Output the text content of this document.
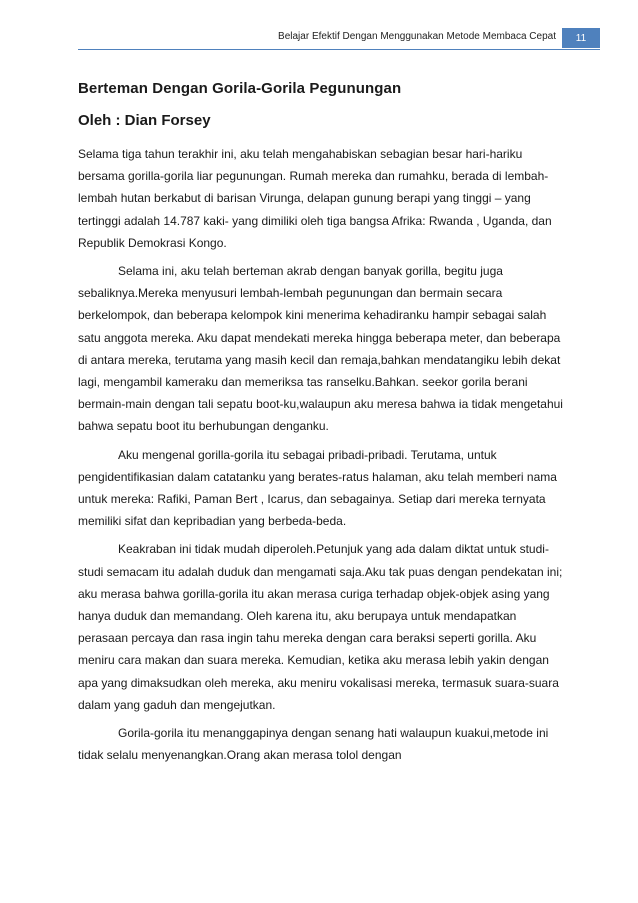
Belajar Efektif Dengan Menggunakan Metode Membaca Cepat 11
Berteman Dengan Gorila-Gorila Pegunungan
Oleh : Dian Forsey

Selama tiga tahun terakhir ini, aku telah mengahabiskan sebagian besar hari-hariku bersama gorilla-gorila liar pegunungan. Rumah mereka dan rumahku, berada di lembah-lembah hutan berkabut di barisan Virunga, delapan gunung berapi yang tinggi – yang tertinggi adalah 14.787 kaki- yang dimiliki oleh tiga bangsa Afrika: Rwanda , Uganda, dan Republik Demokrasi Kongo.

Selama ini, aku telah berteman akrab dengan banyak gorilla, begitu juga sebaliknya.Mereka menyusuri lembah-lembah pegunungan dan bermain secara berkelompok, dan beberapa kelompok kini menerima kehadiranku hampir sebagai salah satu anggota mereka. Aku dapat mendekati mereka hingga beberapa meter, dan beberapa di antara mereka, terutama yang masih kecil dan remaja,bahkan mendatangiku lebih dekat lagi, mengambil kameraku dan memeriksa tas ranselku.Bahkan. seekor gorila berani bermain-main dengan tali sepatu boot-ku,walaupun aku meresa bahwa ia tidak mengetahui bahwa sepatu boot itu berhubungan denganku.

Aku mengenal gorilla-gorila itu sebagai pribadi-pribadi. Terutama, untuk pengidentifikasian dalam catatanku yang berates-ratus halaman, aku telah memberi nama untuk mereka: Rafiki, Paman Bert , Icarus, dan sebagainya. Setiap dari mereka ternyata memiliki sifat dan kepribadian yang berbeda-beda.

Keakraban ini tidak mudah diperoleh.Petunjuk yang ada dalam diktat untuk studi-studi semacam itu adalah duduk dan mengamati saja.Aku tak puas dengan pendekatan ini; aku merasa bahwa gorilla-gorila itu akan merasa curiga terhadap objek-objek asing yang hanya duduk dan memandang. Oleh karena itu, aku berupaya untuk mendapatkan perasaan percaya dan rasa ingin tahu mereka dengan cara beraksi seperti gorilla. Aku meniru cara makan dan suara mereka. Kemudian, ketika aku merasa lebih yakin dengan apa yang dimaksudkan oleh mereka, aku meniru vokalisasi mereka, termasuk suara-suara dalam yang gaduh dan mengejutkan.

Gorila-gorila itu menanggapinya dengan senang hati walaupun kuakui,metode ini tidak selalu menyenangkan.Orang akan merasa tolol dengan
